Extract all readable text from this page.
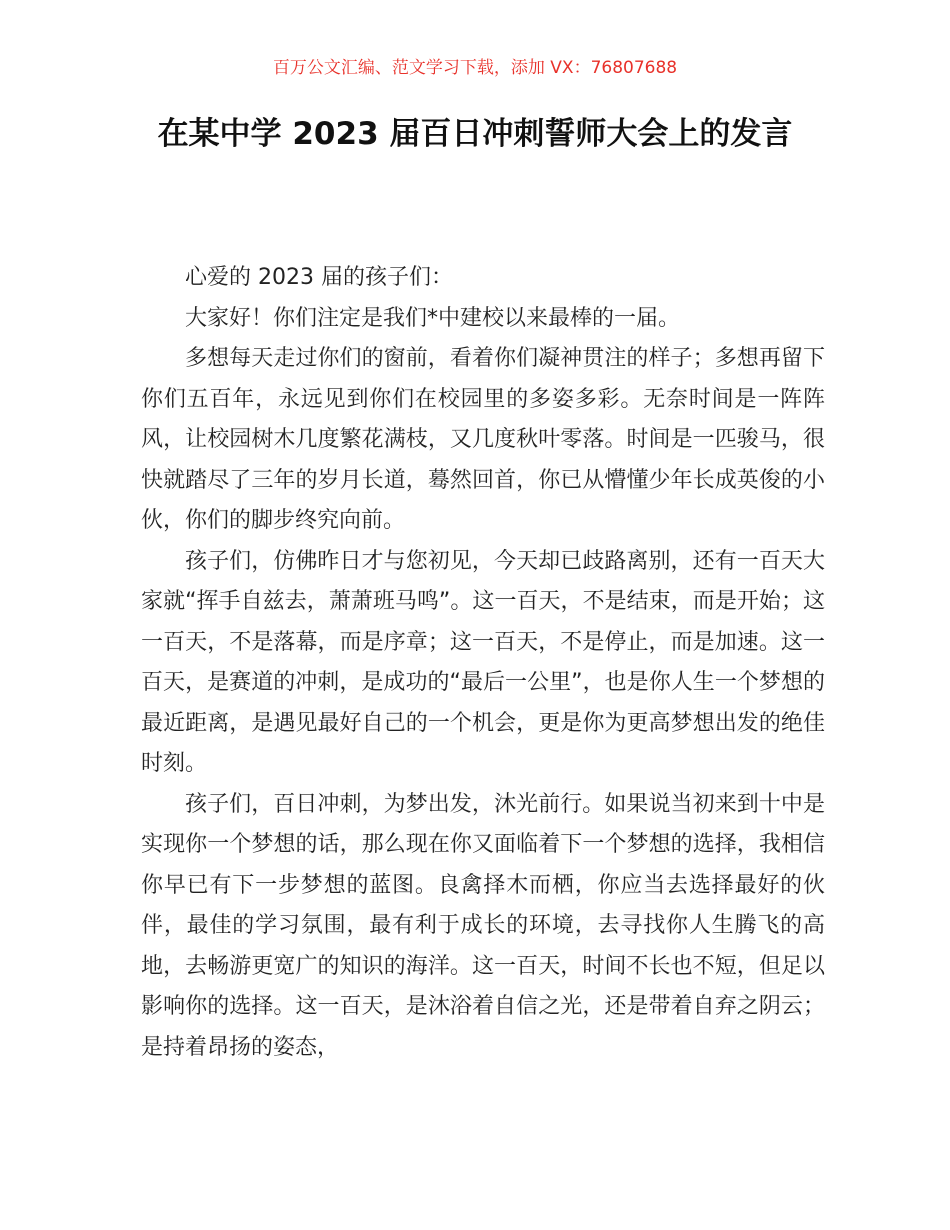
百万公文汇编、范文学习下载，添加 VX：76807688
在某中学 2023 届百日冲刺誓师大会上的发言

心爱的 2023 届的孩子们：

大家好！你们注定是我们*中建校以来最棒的一届。

多想每天走过你们的窗前，看着你们凝神贯注的样子；多想再留下你们五百年，永远见到你们在校园里的多姿多彩。无奈时间是一阵阵风，让校园树木几度繁花满枝，又几度秋叶零落。时间是一匹骏马，很快就踏尽了三年的岁月长道，蓦然回首，你已从懵懂少年长成英俊的小伙，你们的脚步终究向前。

孩子们，仿佛昨日才与您初见，今天却已歧路离别，还有一百天大家就“挥手自兹去，萧萧班马鸣”。这一百天，不是结束，而是开始；这一百天，不是落幕，而是序章；这一百天，不是停止，而是加速。这一百天，是赛道的冲刺，是成功的“最后一公里”，也是你人生一个梦想的最近距离，是遇见最好自己的一个机会，更是你为更高梦想出发的绝佳时刻。

孩子们，百日冲刺，为梦出发，沐光前行。如果说当初来到十中是实现你一个梦想的话，那么现在你又面临着下一个梦想的选择，我相信你早已有下一步梦想的蓝图。良禽择木而栖，你应当去选择最好的伙伴，最佳的学习氛围，最有利于成长的环境，去寻找你人生腾飞的高地，去畅游更宽广的知识的海洋。这一百天，时间不长也不短，但足以影响你的选择。这一百天，是沐浴着自信之光，还是带着自弃之阴云；是持着昂扬的姿态，
